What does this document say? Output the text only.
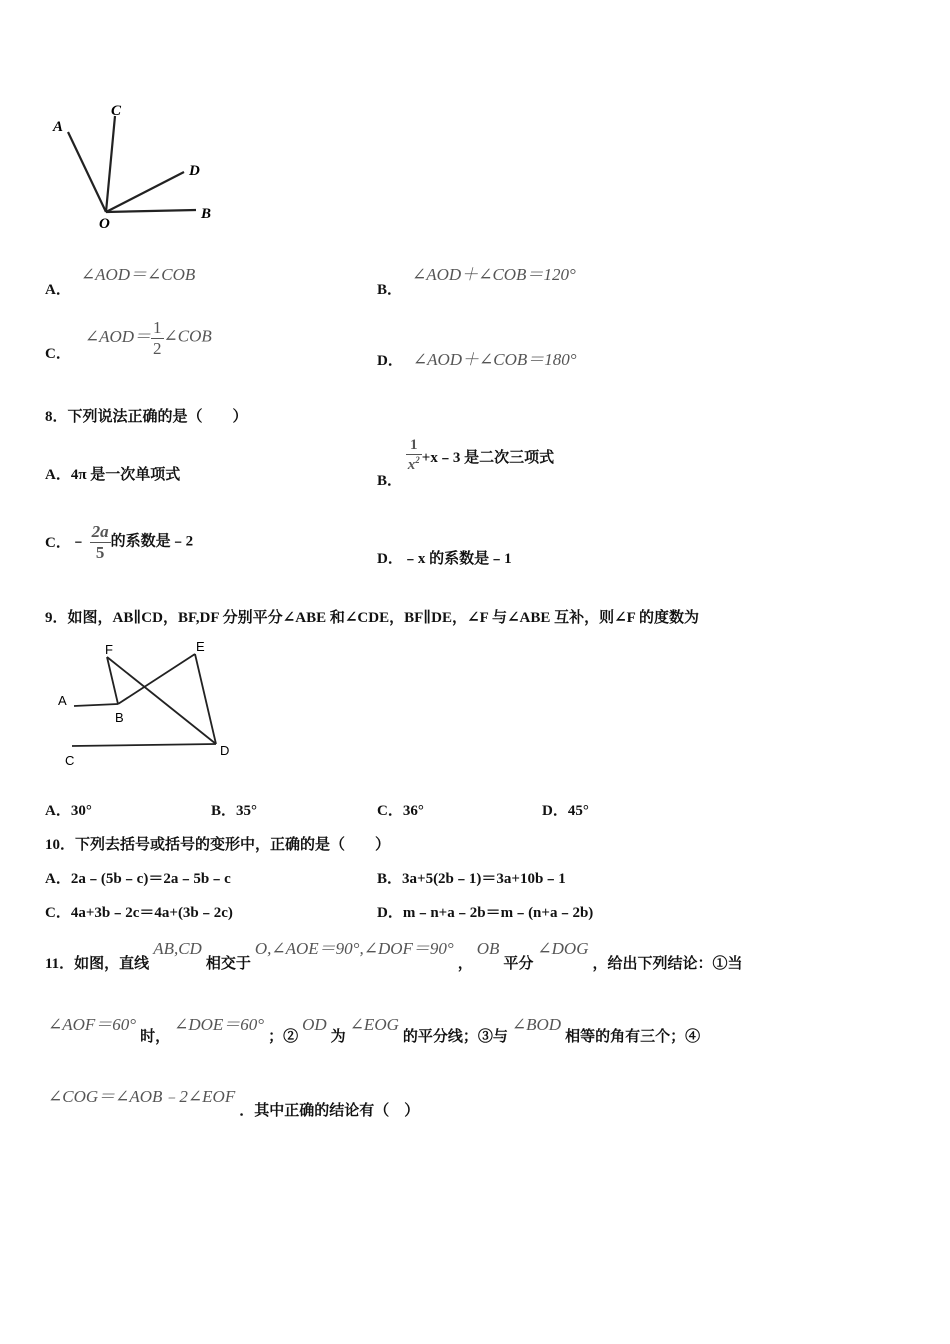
A
C
D
B
O
A． ∠AOD＝∠COB
B． ∠AOD＋∠COB＝120°
C． ∠AOD＝ $\frac{1}{2}$ ∠COB
D． ∠AOD＋∠COB＝180°
8．下列说法正确的是（　　）
A．4π 是一次单项式	B．
$\frac{1}{x^2}$ +x﹣3 是二次三项式
C．﹣ $\frac{2a}{5}$ 的系数是﹣2
D．﹣x 的系数是﹣1
9．如图，AB∥CD，BF,DF 分别平分∠ABE 和∠CDE，BF∥DE，∠F 与∠ABE 互补，则∠F 的度数为
F	E
A
B
C
D
A．30°	B．35°	C．36°	D．45°
10．下列去括号或括号的变形中，正确的是（　　）
A．2a﹣(5b﹣c)＝2a﹣5b﹣c	B．3a+5(2b﹣1)＝3a+10b﹣1
C．4a+3b﹣2c＝4a+(3b﹣2c)	D．m﹣n+a﹣2b＝m﹣(n+a﹣2b)
11．如图，直线 AB,CD 相交于 O,∠AOE＝90°,∠DOF＝90° ， OB 平分 ∠DOG ，给出下列结论：①当
∠AOF＝60° 时， ∠DOE＝60° ；② OD 为 ∠EOG 的平分线；③与 ∠BOD 相等的角有三个；④
∠COG＝∠AOB﹣2∠EOF ．其中正确的结论有（　）
